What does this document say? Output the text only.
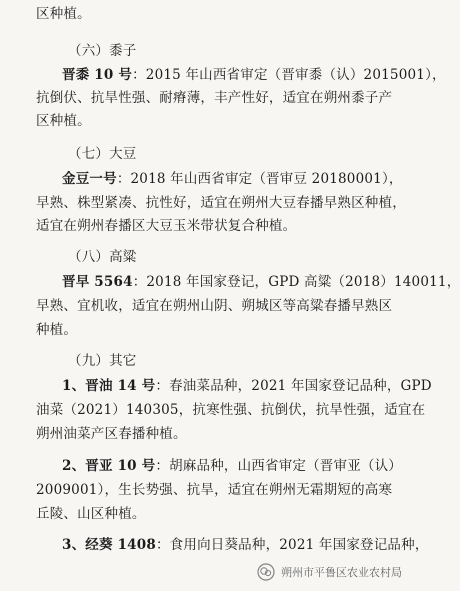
区种植。
（六）黍子
晋黍 10 号：2015 年山西省审定（晋审黍（认）2015001），
抗倒伏、抗旱性强、耐瘠薄，丰产性好，适宜在朔州黍子产
区种植。
（七）大豆
金豆一号：2018 年山西省审定（晋审豆 20180001），
早熟、株型紧凑、抗性好，适宜在朔州大豆春播早熟区种植，
适宜在朔州春播区大豆玉米带状复合种植。
（八）高粱
晋早 5564：2018 年国家登记，GPD 高粱（2018）140011，
早熟、宜机收，适宜在朔州山阴、朔城区等高粱春播早熟区
种植。
（九）其它
1、晋油 14 号：春油菜品种，2021 年国家登记品种，GPD
油菜（2021）140305，抗寒性强、抗倒伏，抗旱性强，适宜在
朔州油菜产区春播种植。
2、晋亚 10 号：胡麻品种，山西省审定（晋审亚（认）
2009001），生长势强、抗旱，适宜在朔州无霜期短的高寒
丘陵、山区种植。
3、经葵 1408：食用向日葵品种，2021 年国家登记品种，
朔州市平鲁区农业农村局
